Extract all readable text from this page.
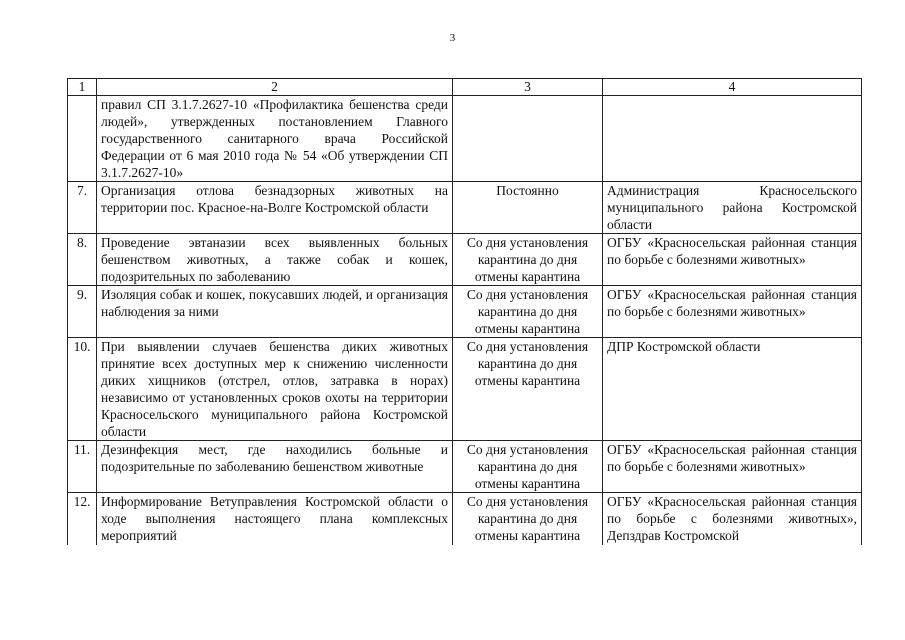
3
1	2	3	4
	правил СП 3.1.7.2627-10 «Профилактика бешенства среди людей», утвержденных постановлением Главного государственного санитарного врача Российской Федерации от 6 мая 2010 года № 54 «Об утверждении СП 3.1.7.2627-10»		
7.	Организация отлова безнадзорных животных на территории пос. Красное-на-Волге Костромской области	Постоянно	Администрация Красносельского муниципального района Костромской области
8.	Проведение эвтаназии всех выявленных больных бешенством животных, а также собак и кошек, подозрительных по заболеванию	Со дня установления карантина до дня отмены карантина	ОГБУ «Красносельская районная станция по борьбе с болезнями животных»
9.	Изоляция собак и кошек, покусавших людей, и организация наблюдения за ними	Со дня установления карантина до дня отмены карантина	ОГБУ «Красносельская районная станция по борьбе с болезнями животных»
10.	При выявлении случаев бешенства диких животных принятие всех доступных мер к снижению численности диких хищников (отстрел, отлов, затравка в норах) независимо от установленных сроков охоты на территории Красносельского муниципального района Костромской области	Со дня установления карантина до дня отмены карантина	ДПР Костромской области
11.	Дезинфекция мест, где находились больные и подозрительные по заболеванию бешенством животные	Со дня установления карантина до дня отмены карантина	ОГБУ «Красносельская районная станция по борьбе с болезнями животных»
12.	Информирование Ветуправления Костромской области о ходе выполнения настоящего плана комплексных мероприятий	Со дня установления карантина до дня отмены карантина	ОГБУ «Красносельская районная станция по борьбе с болезнями животных», Депздрав Костромской
